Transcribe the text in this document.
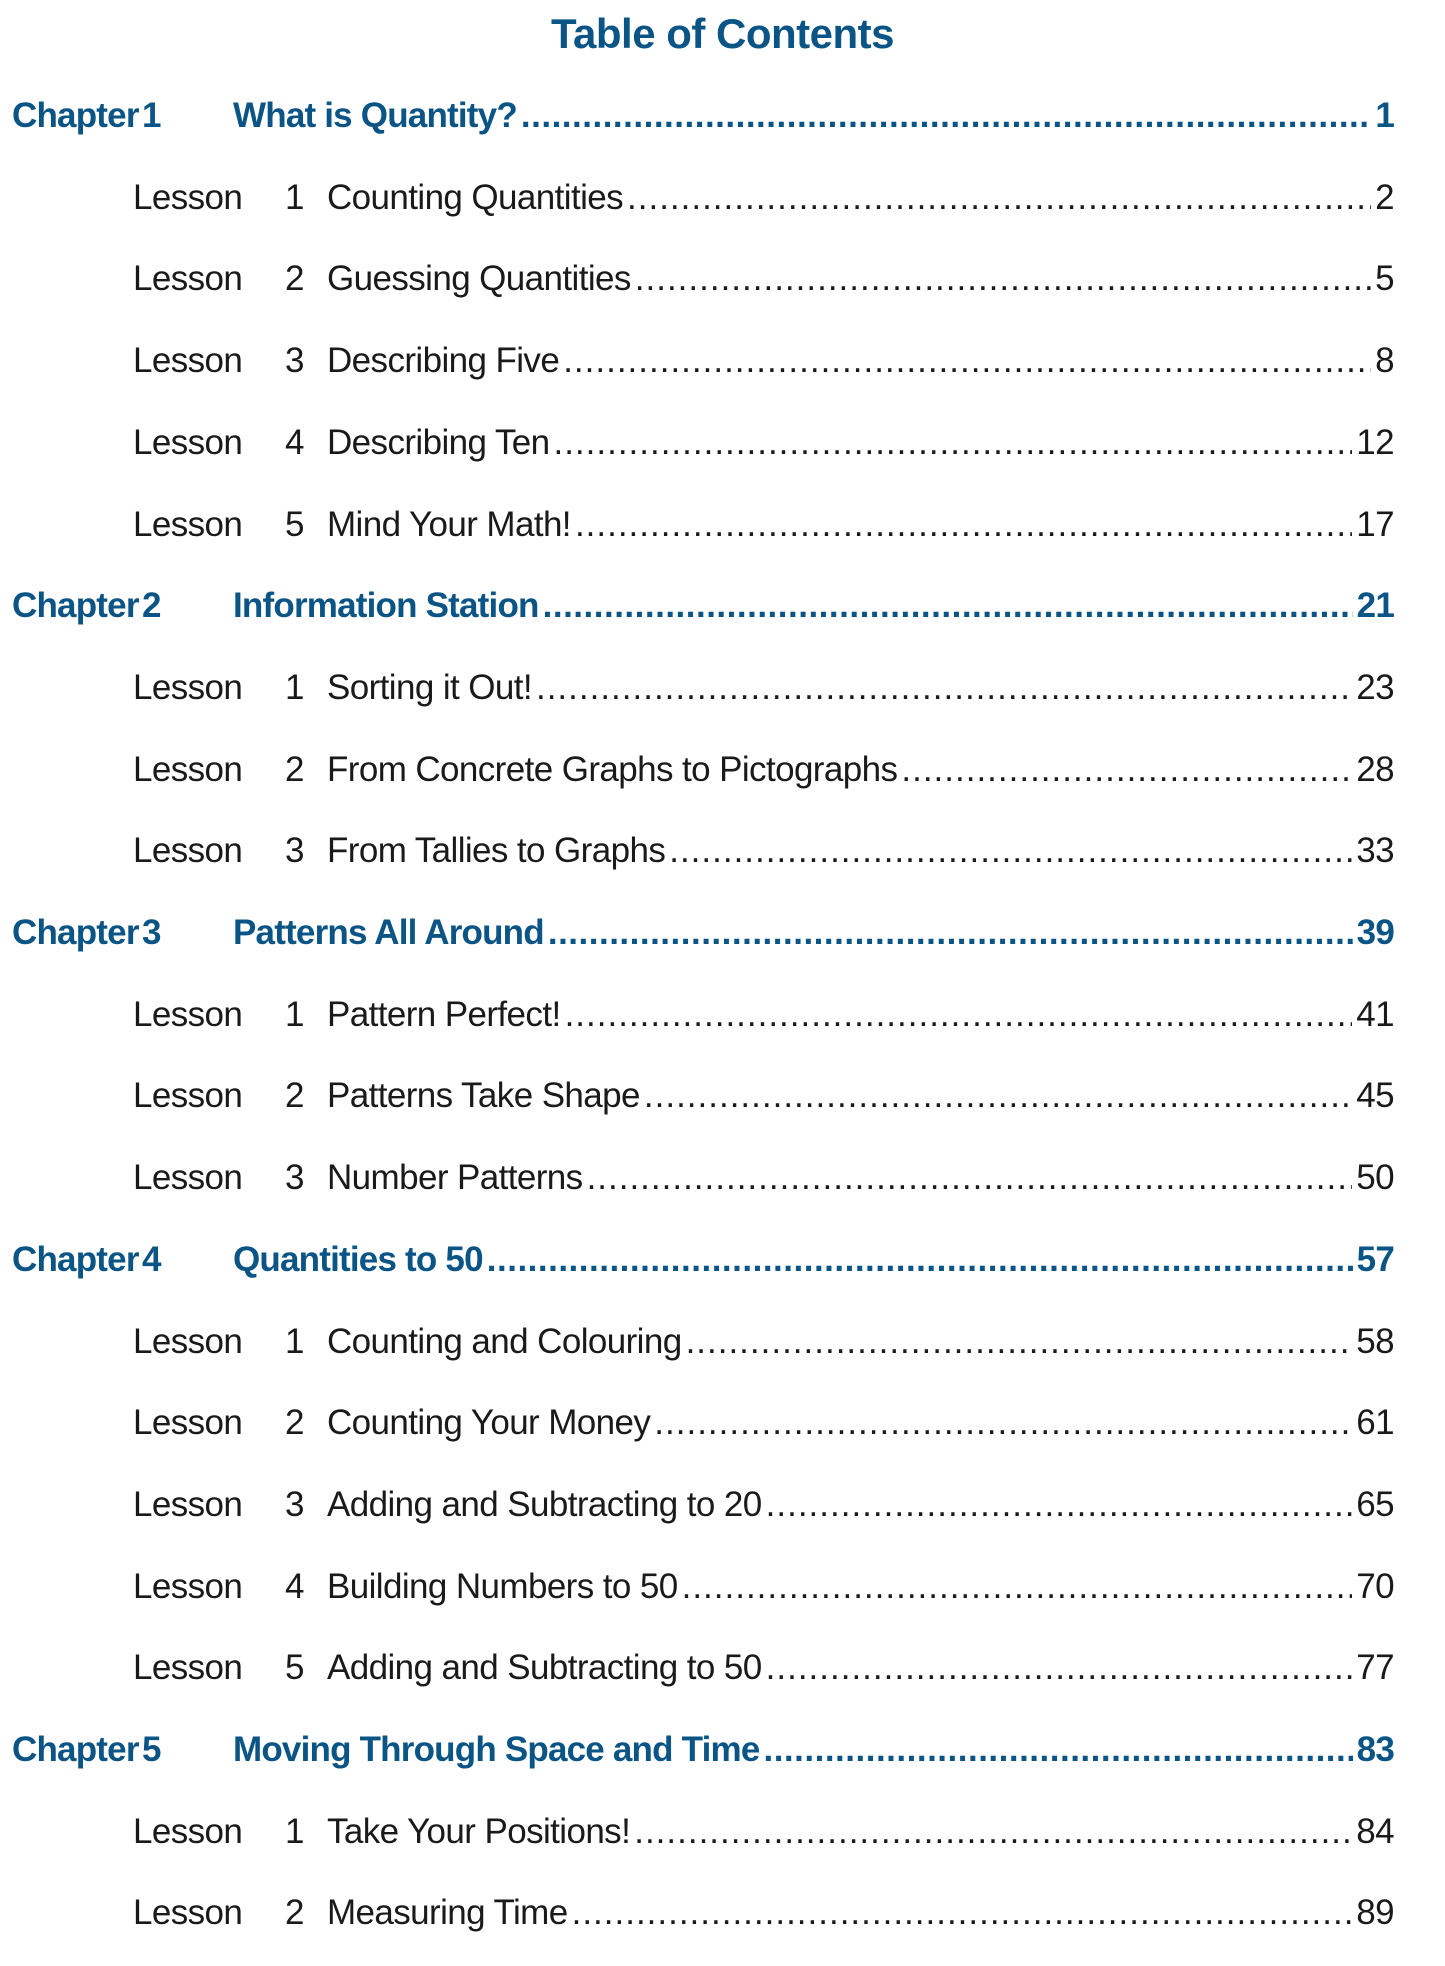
Table of Contents
Chapter 1 What is Quantity? .....	1
Lesson 1 Counting Quantities .....	2
Lesson 2 Guessing Quantities .....	5
Lesson 3 Describing Five .....	8
Lesson 4 Describing Ten .....	12
Lesson 5 Mind Your Math! .....	17
Chapter 2 Information Station .....	21
Lesson 1 Sorting it Out! .....	23
Lesson 2 From Concrete Graphs to Pictographs .....	28
Lesson 3 From Tallies to Graphs .....	33
Chapter 3 Patterns All Around .....	39
Lesson 1 Pattern Perfect! .....	41
Lesson 2 Patterns Take Shape .....	45
Lesson 3 Number Patterns .....	50
Chapter 4 Quantities to 50 .....	57
Lesson 1 Counting and Colouring .....	58
Lesson 2 Counting Your Money .....	61
Lesson 3 Adding and Subtracting to 20 .....	65
Lesson 4 Building Numbers to 50 .....	70
Lesson 5 Adding and Subtracting to 50 .....	77
Chapter 5 Moving Through Space and Time .....	83
Lesson 1 Take Your Positions! .....	84
Lesson 2 Measuring Time .....	89
